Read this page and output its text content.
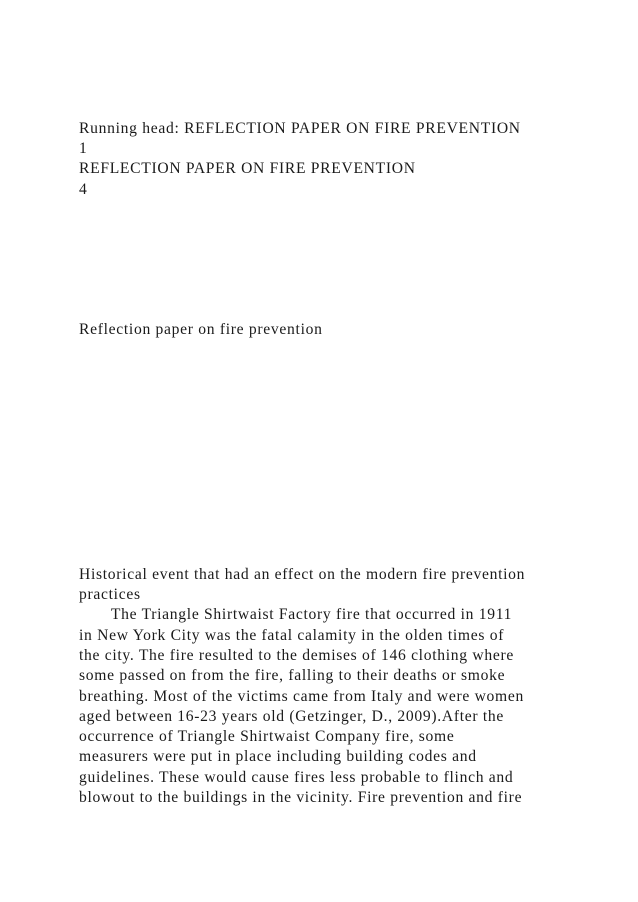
Running head: REFLECTION PAPER ON FIRE PREVENTION

1

REFLECTION PAPER ON FIRE PREVENTION

4

Reflection paper on fire prevention

Historical event that had an effect on the modern fire prevention

practices

The Triangle Shirtwaist Factory fire that occurred in 1911

in New York City was the fatal calamity in the olden times of

the city. The fire resulted to the demises of 146 clothing where

some passed on from the fire, falling to their deaths or smoke

breathing. Most of the victims came from Italy and were women

aged between 16-23 years old (Getzinger, D., 2009).After the

occurrence of Triangle Shirtwaist Company fire, some

measurers were put in place including building codes and

guidelines. These would cause fires less probable to flinch and

blowout to the buildings in the vicinity. Fire prevention and fire
